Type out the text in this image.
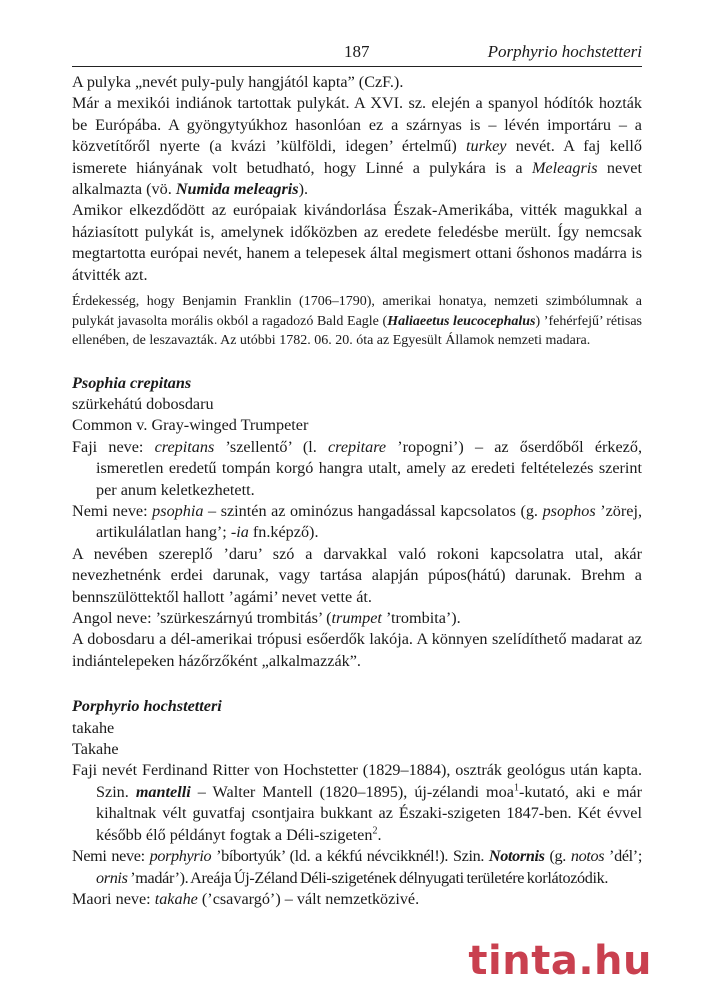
187	Porphyrio hochstetteri

A pulyka „nevét puly-puly hangjától kapta” (CzF.).

Már a mexikói indiánok tartottak pulykát. A XVI. sz. elején a spanyol hódítók hozták be Európába. A gyöngytyúkhoz hasonlóan ez a szárnyas is – lévén importáru – a közvetítőről nyerte (a kvázi ’külföldi, idegen’ értelmű) turkey nevét. A faj kellő ismerete hiányának volt betudható, hogy Linné a pulykára is a Meleagris nevet alkalmazta (vö. Numida meleagris).

Amikor elkezdődött az európaiak kivándorlása Észak-Amerikába, vitték magukkal a háziasított pulykát is, amelynek időközben az eredete feledésbe merült. Így nemcsak megtartotta európai nevét, hanem a telepesek által megismert ottani őshonos madárra is átvitték azt.

Érdekesség, hogy Benjamin Franklin (1706–1790), amerikai honatya, nemzeti szimbólumnak a pulykát javasolta morális okból a ragadozó Bald Eagle (Haliaeetus leucocephalus) ’fehérfejű’ rétisas ellenében, de leszavazták. Az utóbbi 1782. 06. 20. óta az Egyesült Államok nemzeti madara.

Psophia crepitans

szürkehátú dobosdaru

Common v. Gray-winged Trumpeter

Faji neve: crepitans ’szellentő’ (l. crepitare ’ropogni’) – az őserdőből érkező, ismeretlen eredetű tompán korgó hangra utalt, amely az eredeti feltételezés szerint per anum keletkezhetett.

Nemi neve: psophia – szintén az ominózus hangadással kapcsolatos (g. psophos ’zörej, artikulálatlan hang’; -ia fn.képző).

A nevében szereplő ’daru’ szó a darvakkal való rokoni kapcsolatra utal, akár nevezhetnénk erdei darunak, vagy tartása alapján púpos(hátú) darunak. Brehm a bennszülöttektől hallott ’agámi’ nevet vette át.

Angol neve: ’szürkeszárnyú trombitás’ (trumpet ’trombita’).

A dobosdaru a dél-amerikai trópusi esőerdők lakója. A könnyen szelídíthető madarat az indiántelepeken házőrzőként „alkalmazzák”.

Porphyrio hochstetteri

takahe

Takahe

Faji nevét Ferdinand Ritter von Hochstetter (1829–1884), osztrák geológus után kapta. Szin. mantelli – Walter Mantell (1820–1895), új-zélandi moa$^1$-kutató, aki e már kihaltnak vélt guvatfaj csontjaira bukkant az Északi-szigeten 1847-ben. Két évvel később élő példányt fogtak a Déli-szigeten$^2$.

Nemi neve: porphyrio ’bíbortyúk’ (ld. a kékfú névcikknél!). Szin. Notornis (g. notos ’dél’; ornis ’madár’). Areája Új-Zéland Déli-szigetének délnyugati területére korlátozódik.

Maori neve: takahe (’csavargó’) – vált nemzetközivé.

tinta.hu
